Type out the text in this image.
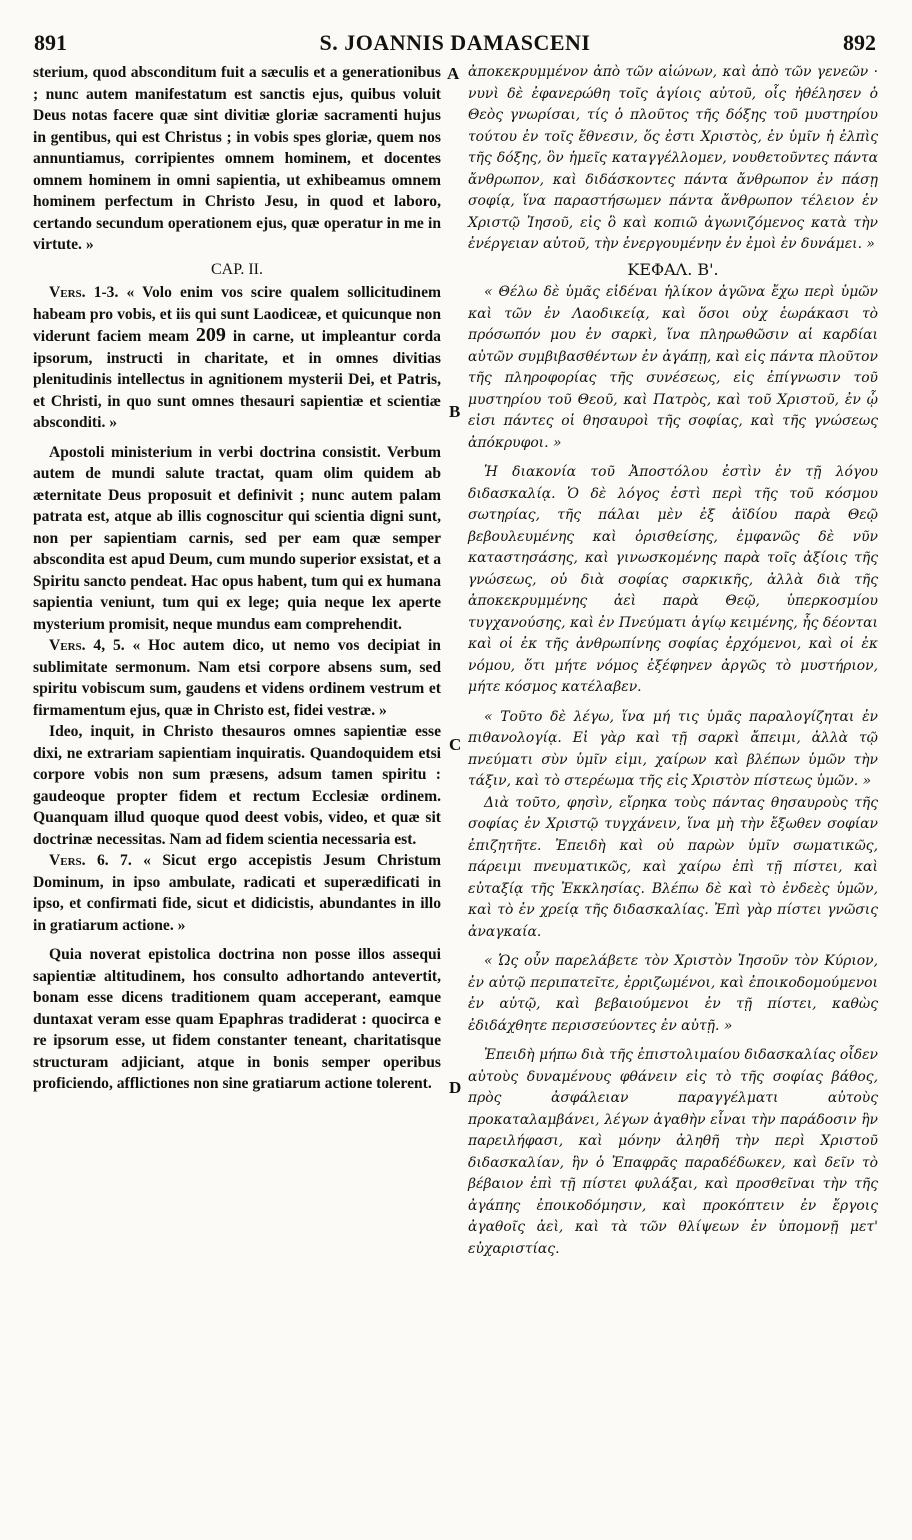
891	S. JOANNIS DAMASCENI	892
A
B
C
D

sterium, quod absconditum fuit a sæculis et a generationibus ; nunc autem manifestatum est sanctis ejus, quibus voluit Deus notas facere quæ sint divitiæ gloriæ sacramenti hujus in gentibus, qui est Christus ; in vobis spes gloriæ, quem nos annuntiamus, corripientes omnem hominem, et docentes omnem hominem in omni sapientia, ut exhibeamus omnem hominem perfectum in Christo Jesu, in quod et laboro, certando secundum operationem ejus, quæ operatur in me in virtute. »

CAP. II.

Vers. 1-3. « Volo enim vos scire qualem sollicitudinem habeam pro vobis, et iis qui sunt Laodiceæ, et quicunque non viderunt faciem meam 209 in carne, ut impleantur corda ipsorum, instructi in charitate, et in omnes divitias plenitudinis intellectus in agnitionem mysterii Dei, et Patris, et Christi, in quo sunt omnes thesauri sapientiæ et scientiæ absconditi. »

Apostoli ministerium in verbi doctrina consistit. Verbum autem de mundi salute tractat, quam olim quidem ab æternitate Deus proposuit et definivit ; nunc autem palam patrata est, atque ab illis cognoscitur qui scientia digni sunt, non per sapientiam carnis, sed per eam quæ semper abscondita est apud Deum, cum mundo superior exsistat, et a Spiritu sancto pendeat. Hac opus habent, tum qui ex humana sapientia veniunt, tum qui ex lege; quia neque lex aperte mysterium promisit, neque mundus eam comprehendit.

Vers. 4, 5. « Hoc autem dico, ut nemo vos decipiat in sublimitate sermonum. Nam etsi corpore absens sum, sed spiritu vobiscum sum, gaudens et videns ordinem vestrum et firmamentum ejus, quæ in Christo est, fidei vestræ. »

Ideo, inquit, in Christo thesauros omnes sapientiæ esse dixi, ne extrariam sapientiam inquiratis. Quandoquidem etsi corpore vobis non sum præsens, adsum tamen spiritu : gaudeoque propter fidem et rectum Ecclesiæ ordinem. Quanquam illud quoque quod deest vobis, video, et quæ sit doctrinæ necessitas. Nam ad fidem scientia necessaria est.

Vers. 6. 7. « Sicut ergo accepistis Jesum Christum Dominum, in ipso ambulate, radicati et superædificati in ipso, et confirmati fide, sicut et didicistis, abundantes in illo in gratiarum actione. »

Quia noverat epistolica doctrina non posse illos assequi sapientiæ altitudinem, hos consulto adhortando antevertit, bonam esse dicens traditionem quam acceperant, eamque duntaxat veram esse quam Epaphras tradiderat : quocirca e re ipsorum esse, ut fidem constanter teneant, charitatisque structuram adjiciant, atque in bonis semper operibus proficiendo, afflictiones non sine gratiarum actione tolerent.

ἀποκεκρυμμένον ἀπὸ τῶν αἰώνων, καὶ ἀπὸ τῶν γενεῶν · νυνὶ δὲ ἐφανερώθη τοῖς ἁγίοις αὐτοῦ, οἷς ἠθέλησεν ὁ Θεὸς γνωρίσαι, τίς ὁ πλοῦτος τῆς δόξης τοῦ μυστηρίου τούτου ἐν τοῖς ἔθνεσιν, ὅς ἐστι Χριστὸς, ἐν ὑμῖν ἡ ἐλπὶς τῆς δόξης, ὃν ἡμεῖς καταγγέλλομεν, νουθετοῦντες πάντα ἄνθρωπον, καὶ διδάσκοντες πάντα ἄνθρωπον ἐν πάσῃ σοφίᾳ, ἵνα παραστήσωμεν πάντα ἄνθρωπον τέλειον ἐν Χριστῷ Ἰησοῦ, εἰς ὃ καὶ κοπιῶ ἀγωνιζόμενος κατὰ τὴν ἐνέργειαν αὐτοῦ, τὴν ἐνεργουμένην ἐν ἐμοὶ ἐν δυνάμει. »

ΚΕΦΑΛ. Β'.

« Θέλω δὲ ὑμᾶς εἰδέναι ἡλίκον ἀγῶνα ἔχω περὶ ὑμῶν καὶ τῶν ἐν Λαοδικείᾳ, καὶ ὅσοι οὐχ ἑωράκασι τὸ πρόσωπόν μου ἐν σαρκὶ, ἵνα πληρωθῶσιν αἱ καρδίαι αὐτῶν συμβιβασθέντων ἐν ἀγάπῃ, καὶ εἰς πάντα πλοῦτον τῆς πληροφορίας τῆς συνέσεως, εἰς ἐπίγνωσιν τοῦ μυστηρίου τοῦ Θεοῦ, καὶ Πατρὸς, καὶ τοῦ Χριστοῦ, ἐν ᾧ εἰσι πάντες οἱ θησαυροὶ τῆς σοφίας, καὶ τῆς γνώσεως ἀπόκρυφοι. »

Ἡ διακονία τοῦ Ἀποστόλου ἐστὶν ἐν τῇ λόγου διδασκαλίᾳ. Ὁ δὲ λόγος ἐστὶ περὶ τῆς τοῦ κόσμου σωτηρίας, τῆς πάλαι μὲν ἐξ ἀϊδίου παρὰ Θεῷ βεβουλευμένης καὶ ὁρισθείσης, ἐμφανῶς δὲ νῦν καταστησάσης, καὶ γινωσκομένης παρὰ τοῖς ἀξίοις τῆς γνώσεως, οὐ διὰ σοφίας σαρκικῆς, ἀλλὰ διὰ τῆς ἀποκεκρυμμένης ἀεὶ παρὰ Θεῷ, ὑπερκοσμίου τυγχανούσης, καὶ ἐν Πνεύματι ἁγίῳ κειμένης, ἧς δέονται καὶ οἱ ἐκ τῆς ἀνθρωπίνης σοφίας ἐρχόμενοι, καὶ οἱ ἐκ νόμου, ὅτι μήτε νόμος ἐξέφηνεν ἀργῶς τὸ μυστήριον, μήτε κόσμος κατέλαβεν.

« Τοῦτο δὲ λέγω, ἵνα μή τις ὑμᾶς παραλογίζηται ἐν πιθανολογίᾳ. Εἰ γὰρ καὶ τῇ σαρκὶ ἄπειμι, ἀλλὰ τῷ πνεύματι σὺν ὑμῖν εἰμι, χαίρων καὶ βλέπων ὑμῶν τὴν τάξιν, καὶ τὸ στερέωμα τῆς εἰς Χριστὸν πίστεως ὑμῶν. »

Διὰ τοῦτο, φησὶν, εἴρηκα τοὺς πάντας θησαυροὺς τῆς σοφίας ἐν Χριστῷ τυγχάνειν, ἵνα μὴ τὴν ἔξωθεν σοφίαν ἐπιζητῆτε. Ἐπειδὴ καὶ οὐ παρὼν ὑμῖν σωματικῶς, πάρειμι πνευματικῶς, καὶ χαίρω ἐπὶ τῇ πίστει, καὶ εὐταξίᾳ τῆς Ἐκκλησίας. Βλέπω δὲ καὶ τὸ ἐνδεὲς ὑμῶν, καὶ τὸ ἐν χρείᾳ τῆς διδασκαλίας. Ἐπὶ γὰρ πίστει γνῶσις ἀναγκαία.

« Ὡς οὖν παρελάβετε τὸν Χριστὸν Ἰησοῦν τὸν Κύριον, ἐν αὐτῷ περιπατεῖτε, ἐρριζωμένοι, καὶ ἐποικοδομούμενοι ἐν αὐτῷ, καὶ βεβαιούμενοι ἐν τῇ πίστει, καθὼς ἐδιδάχθητε περισσεύοντες ἐν αὐτῇ. »

Ἐπειδὴ μήπω διὰ τῆς ἐπιστολιμαίου διδασκαλίας οἶδεν αὐτοὺς δυναμένους φθάνειν εἰς τὸ τῆς σοφίας βάθος, πρὸς ἀσφάλειαν παραγγέλματι αὐτοὺς προκαταλαμβάνει, λέγων ἀγαθὴν εἶναι τὴν παράδοσιν ἣν παρειλήφασι, καὶ μόνην ἀληθῆ τὴν περὶ Χριστοῦ διδασκαλίαν, ἣν ὁ Ἐπαφρᾶς παραδέδωκεν, καὶ δεῖν τὸ βέβαιον ἐπὶ τῇ πίστει φυλάξαι, καὶ προσθεῖναι τὴν τῆς ἀγάπης ἐποικοδόμησιν, καὶ προκόπτειν ἐν ἔργοις ἀγαθοῖς ἀεὶ, καὶ τὰ τῶν θλίψεων ἐν ὑπομονῇ μετ' εὐχαριστίας.
